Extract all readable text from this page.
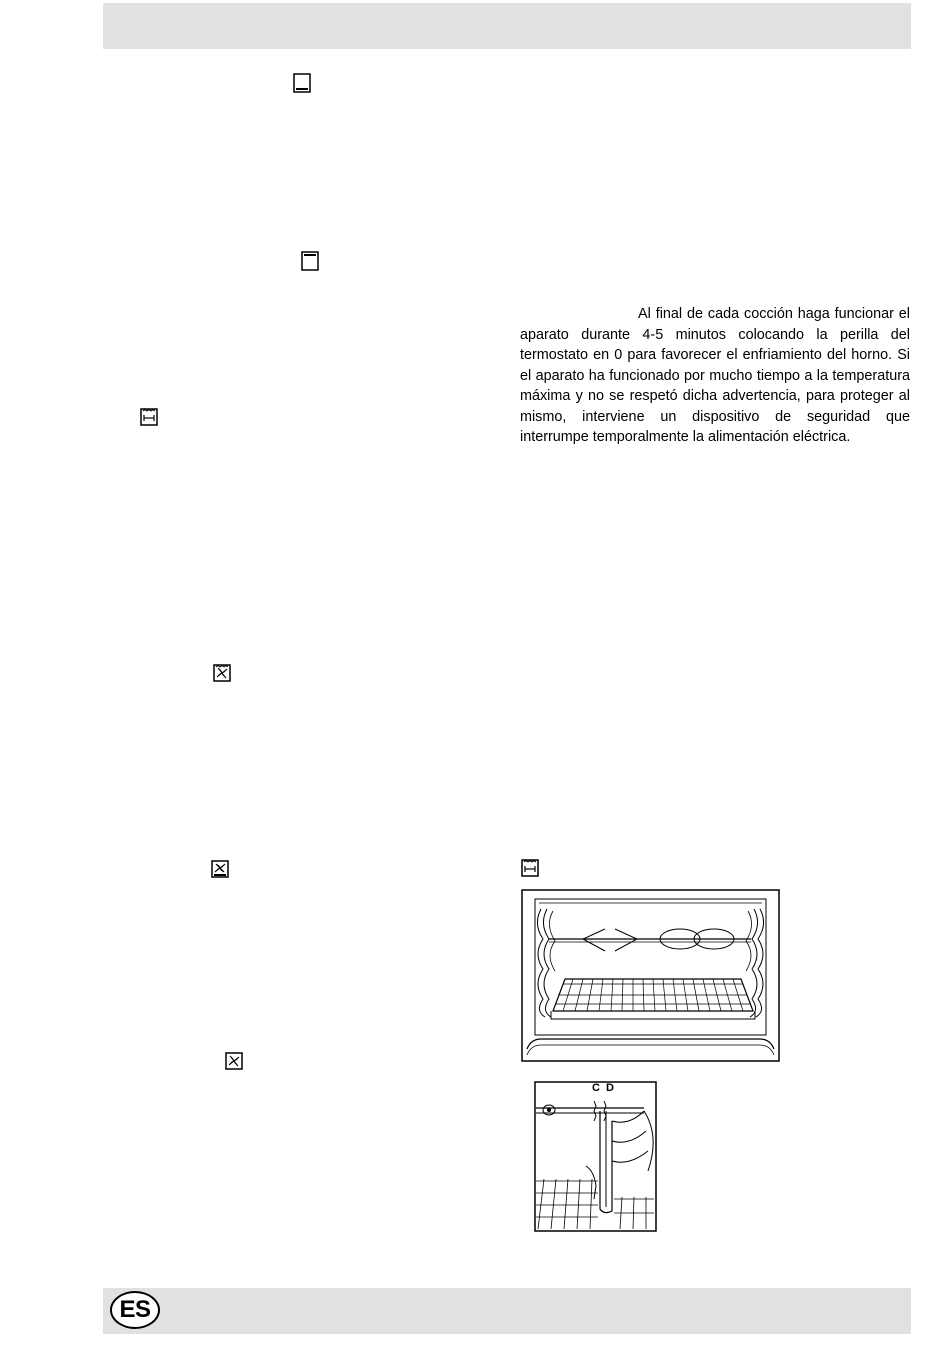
Al final de cada cocción haga funcionar el aparato durante 4-5 minutos colocando la perilla del termostato en 0 para favorecer el enfriamiento del horno. Si el aparato ha funcionado por mucho tiempo a la temperatura máxima y no se respetó dicha advertencia, para proteger al mismo, interviene un dispositivo de seguridad que interrumpe temporalmente la alimentación eléctrica.

C D
ES
